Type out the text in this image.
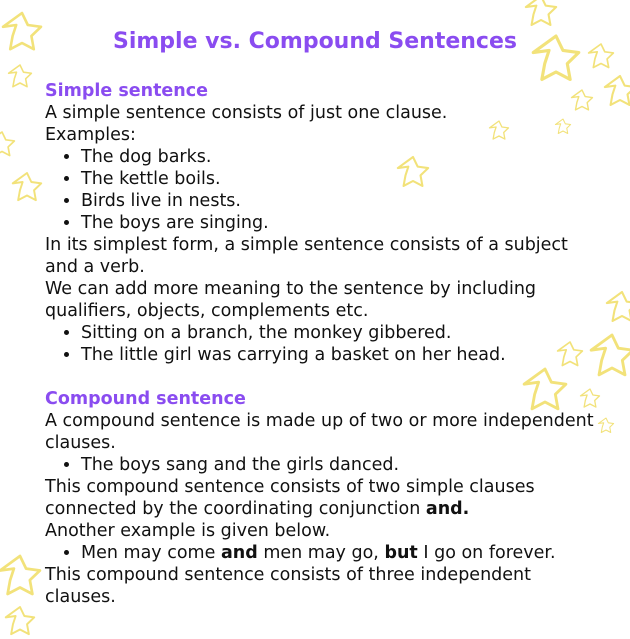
Simple vs. Compound Sentences
Simple sentence
A simple sentence consists of just one clause.
Examples:
• The dog barks.
• The kettle boils.
• Birds live in nests.
• The boys are singing.
In its simplest form, a simple sentence consists of a subject and a verb.
We can add more meaning to the sentence by including qualifiers, objects, complements etc.
• Sitting on a branch, the monkey gibbered.
• The little girl was carrying a basket on her head.
Compound sentence
A compound sentence is made up of two or more independent clauses.
• The boys sang and the girls danced.
This compound sentence consists of two simple clauses connected by the coordinating conjunction and.
Another example is given below.
• Men may come and men may go, but I go on forever.
This compound sentence consists of three independent clauses.
